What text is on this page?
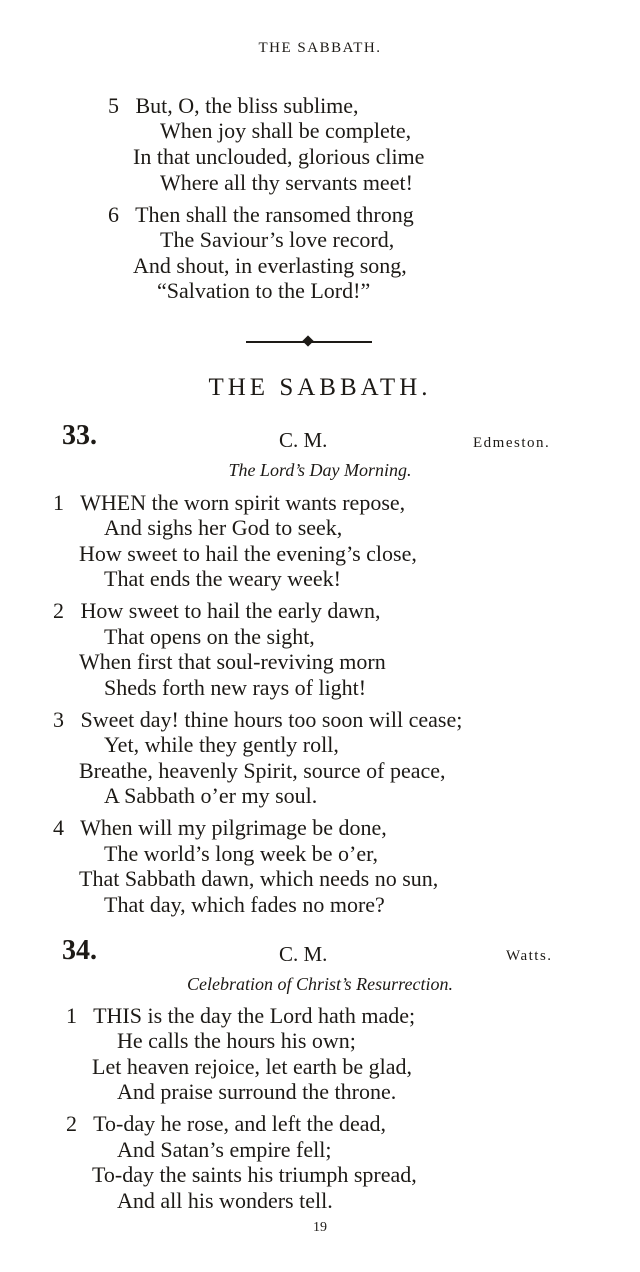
THE SABBATH.
5 But, O, the bliss sublime,
When joy shall be complete,
In that unclouded, glorious clime
Where all thy servants meet!
6 Then shall the ransomed throng
The Saviour’s love record,
And shout, in everlasting song,
“Salvation to the Lord!”
THE SABBATH.
33.	C. M.	Edmeston.
The Lord’s Day Morning.
1 WHEN the worn spirit wants repose,
And sighs her God to seek,
How sweet to hail the evening’s close,
That ends the weary week!
2 How sweet to hail the early dawn,
That opens on the sight,
When first that soul-reviving morn
Sheds forth new rays of light!
3 Sweet day! thine hours too soon will cease;
Yet, while they gently roll,
Breathe, heavenly Spirit, source of peace,
A Sabbath o’er my soul.
4 When will my pilgrimage be done,
The world’s long week be o’er,
That Sabbath dawn, which needs no sun,
That day, which fades no more?
34.	C. M.	Watts.
Celebration of Christ’s Resurrection.
1 THIS is the day the Lord hath made;
He calls the hours his own;
Let heaven rejoice, let earth be glad,
And praise surround the throne.
2 To-day he rose, and left the dead,
And Satan’s empire fell;
To-day the saints his triumph spread,
And all his wonders tell.
19
